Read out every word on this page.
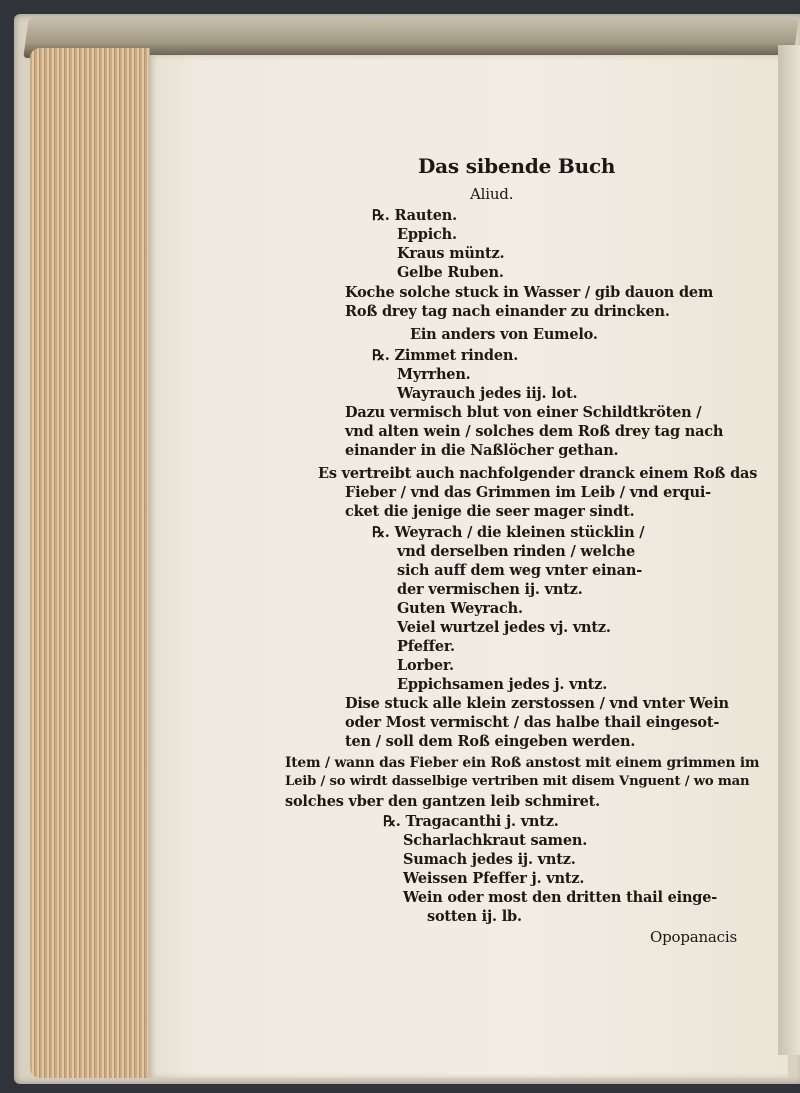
Das sibende Buch
Aliud.
℞. Rauten.
Eppich.
Kraus müntz.
Gelbe Ruben.
Koche solche stuck in Wasser / gib dauon dem
Roß drey tag nach einander zu drincken.
Ein anders von Eumelo.
℞. Zimmet rinden.
Myrrhen.
Wayrauch jedes iij. lot.
Dazu vermisch blut von einer Schildtkröten /
vnd alten wein / solches dem Roß drey tag nach
einander in die Naßlöcher gethan.
Es vertreibt auch nachfolgender dranck einem Roß das
Fieber / vnd das Grimmen im Leib / vnd erqui-
cket die jenige die seer mager sindt.
℞. Weyrach / die kleinen stücklin /
vnd derselben rinden / welche
sich auff dem weg vnter einan-
der vermischen ij. vntz.
Guten Weyrach.
Veiel wurtzel jedes vj. vntz.
Pfeffer.
Lorber.
Eppichsamen jedes j. vntz.
Dise stuck alle klein zerstossen / vnd vnter Wein
oder Most vermischt / das halbe thail eingesot-
ten / soll dem Roß eingeben werden.
Item / wann das Fieber ein Roß anstost mit einem grimmen im
Leib / so wirdt dasselbige vertriben mit disem Vnguent / wo man
solches vber den gantzen leib schmiret.
℞. Tragacanthi j. vntz.
Scharlachkraut samen.
Sumach jedes ij. vntz.
Weissen Pfeffer j. vntz.
Wein oder most den dritten thail einge-
sotten ij. lb.
Opopanacis
